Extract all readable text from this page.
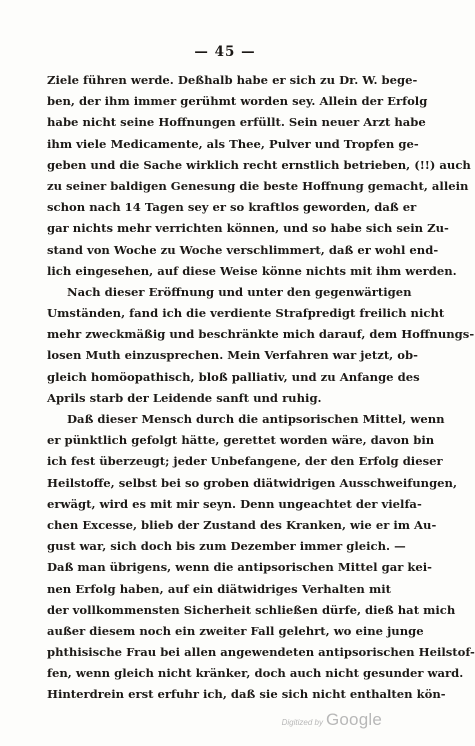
— 45 —
Ziele führen werde. Deßhalb habe er sich zu Dr. W. bege-
ben, der ihm immer gerühmt worden sey. Allein der Erfolg
habe nicht seine Hoffnungen erfüllt. Sein neuer Arzt habe
ihm viele Medicamente, als Thee, Pulver und Tropfen ge-
geben und die Sache wirklich recht ernstlich betrieben, (!!) auch
zu seiner baldigen Genesung die beste Hoffnung gemacht, allein
schon nach 14 Tagen sey er so kraftlos geworden, daß er
gar nichts mehr verrichten können, und so habe sich sein Zu-
stand von Woche zu Woche verschlimmert, daß er wohl end-
lich eingesehen, auf diese Weise könne nichts mit ihm werden.
Nach dieser Eröffnung und unter den gegenwärtigen
Umständen, fand ich die verdiente Strafpredigt freilich nicht
mehr zweckmäßig und beschränkte mich darauf, dem Hoffnungs-
losen Muth einzusprechen. Mein Verfahren war jetzt, ob-
gleich homöopathisch, bloß palliativ, und zu Anfange des
Aprils starb der Leidende sanft und ruhig.
Daß dieser Mensch durch die antipsorischen Mittel, wenn
er pünktlich gefolgt hätte, gerettet worden wäre, davon bin
ich fest überzeugt; jeder Unbefangene, der den Erfolg dieser
Heilstoffe, selbst bei so groben diätwidrigen Ausschweifungen,
erwägt, wird es mit mir seyn. Denn ungeachtet der vielfa-
chen Excesse, blieb der Zustand des Kranken, wie er im Au-
gust war, sich doch bis zum Dezember immer gleich. —
Daß man übrigens, wenn die antipsorischen Mittel gar kei-
nen Erfolg haben, auf ein diätwidriges Verhalten mit
der vollkommensten Sicherheit schließen dürfe, dieß hat mich
außer diesem noch ein zweiter Fall gelehrt, wo eine junge
phthisische Frau bei allen angewendeten antipsorischen Heilstof-
fen, wenn gleich nicht kränker, doch auch nicht gesunder ward.
Hinterdrein erst erfuhr ich, daß sie sich nicht enthalten kön-
Digitized by Google
